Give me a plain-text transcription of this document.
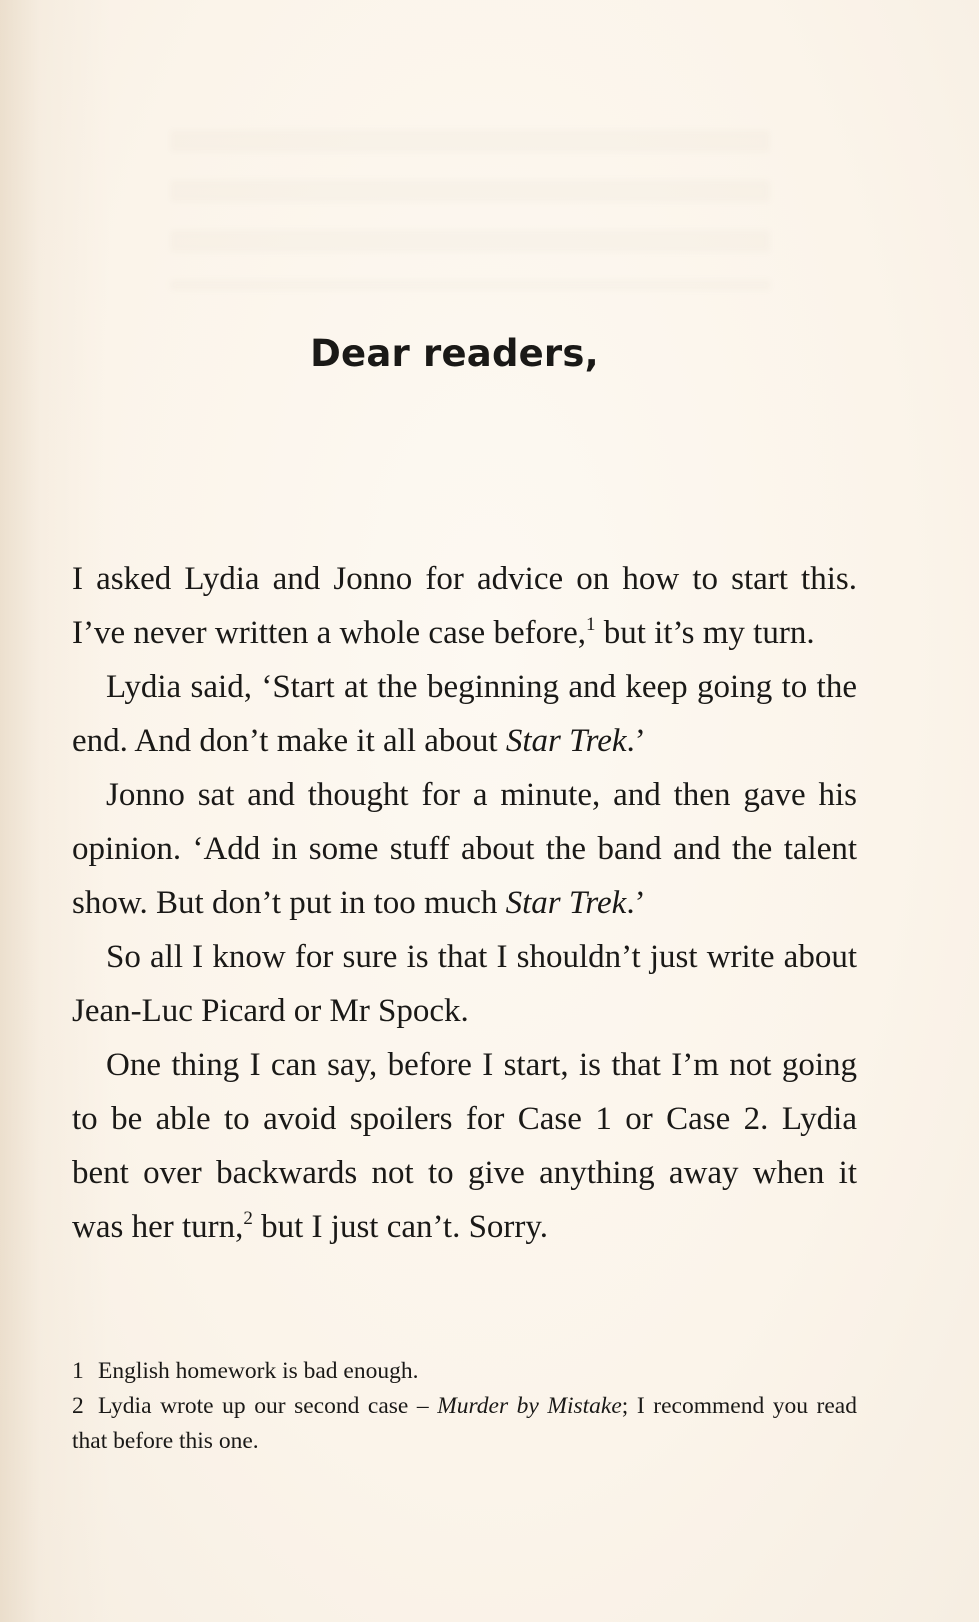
Dear readers,

I asked Lydia and Jonno for advice on how to start this. I’ve never written a whole case before,$^1$ but it’s my turn.

Lydia said, ‘Start at the beginning and keep going to the end. And don’t make it all about Star Trek.’

Jonno sat and thought for a minute, and then gave his opinion. ‘Add in some stuff about the band and the talent show. But don’t put in too much Star Trek.’

So all I know for sure is that I shouldn’t just write about Jean-Luc Picard or Mr Spock.

One thing I can say, before I start, is that I’m not going to be able to avoid spoilers for Case 1 or Case 2. Lydia bent over backwards not to give anything away when it was her turn,$^2$ but I just can’t. Sorry.

1 English homework is bad enough.

2 Lydia wrote up our second case – Murder by Mistake; I recommend you read that before this one.
